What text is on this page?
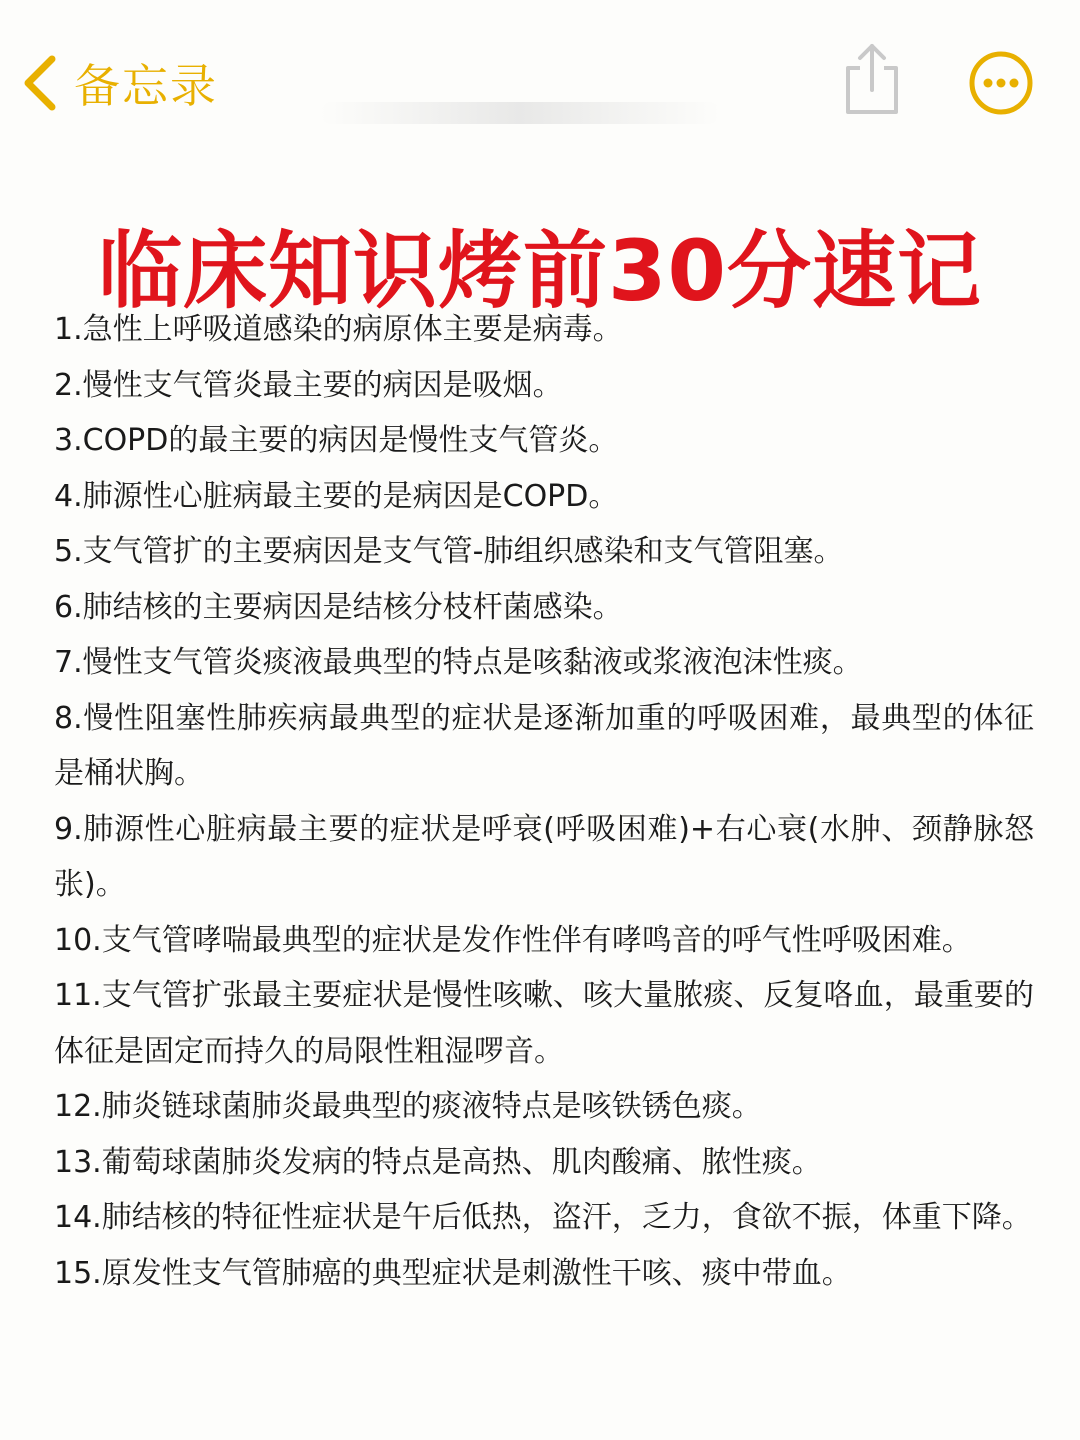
备忘录
临床知识烤前30分速记
1.急性上呼吸道感染的病原体主要是病毒。
2.慢性支气管炎最主要的病因是吸烟。
3.COPD的最主要的病因是慢性支气管炎。
4.肺源性心脏病最主要的是病因是COPD。
5.支气管扩的主要病因是支气管-肺组织感染和支气管阻塞。
6.肺结核的主要病因是结核分枝杆菌感染。
7.慢性支气管炎痰液最典型的特点是咳黏液或浆液泡沫性痰。
8.慢性阻塞性肺疾病最典型的症状是逐渐加重的呼吸困难，最典型的体征是桶状胸。
9.肺源性心脏病最主要的症状是呼衰(呼吸困难)+右心衰(水肿、颈静脉怒张)。
10.支气管哮喘最典型的症状是发作性伴有哮鸣音的呼气性呼吸困难。
11.支气管扩张最主要症状是慢性咳嗽、咳大量脓痰、反复咯血，最重要的体征是固定而持久的局限性粗湿啰音。
12.肺炎链球菌肺炎最典型的痰液特点是咳铁锈色痰。
13.葡萄球菌肺炎发病的特点是高热、肌肉酸痛、脓性痰。
14.肺结核的特征性症状是午后低热，盗汗，乏力，食欲不振，体重下降。
15.原发性支气管肺癌的典型症状是刺激性干咳、痰中带血。
